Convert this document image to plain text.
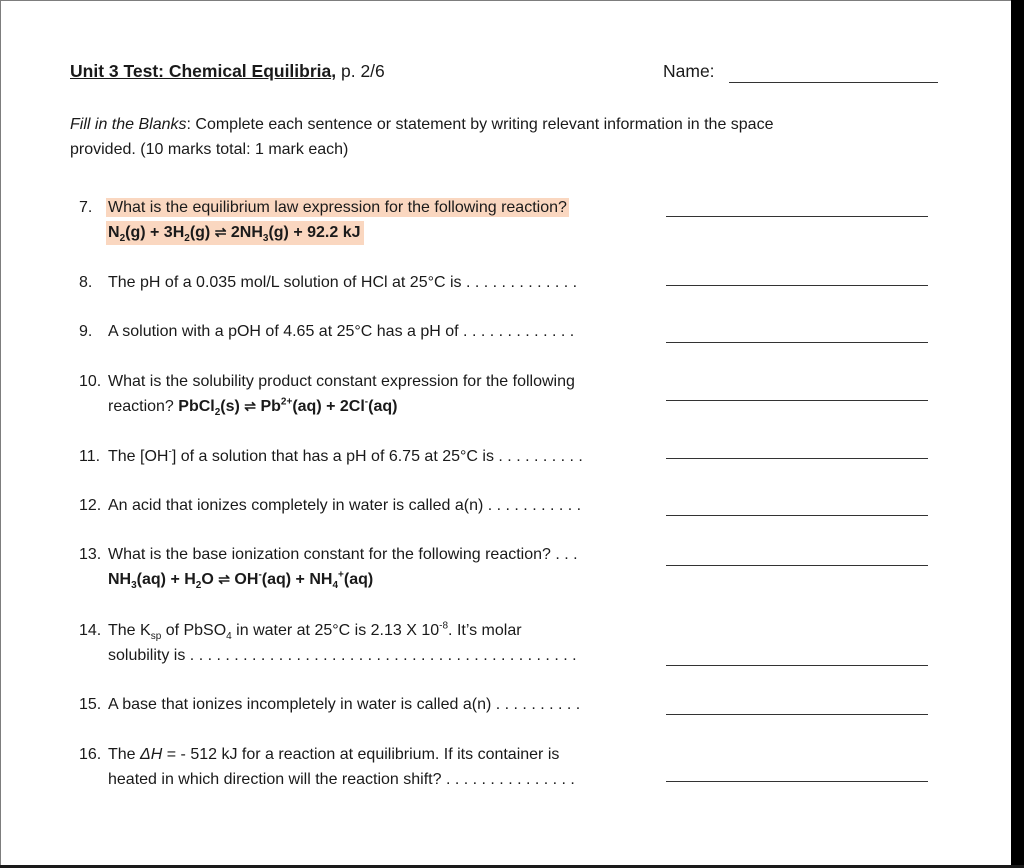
Unit 3 Test: Chemical Equilibria, p. 2/6	Name:
Fill in the Blanks: Complete each sentence or statement by writing relevant information in the space
provided. (10 marks total: 1 mark each)
7. What is the equilibrium law expression for the following reaction?
$N_2(g) + 3H_2(g)$ ⇌ $2NH_3(g) + 92.2$ kJ
8. The pH of a 0.035 mol/L solution of HCl at 25°C is . . . . . . . . . . . . .
9. A solution with a pOH of 4.65 at 25°C has a pH of . . . . . . . . . . . . .
10. What is the solubility product constant expression for the following
reaction? PbCl$_2$(s) ⇌ $Pb^{2+}(aq) + 2Cl^-(aq)$
11. The [OH-] of a solution that has a pH of 6.75 at 25°C is . . . . . . . . . .
12. An acid that ionizes completely in water is called a(n) . . . . . . . . . . .
13. What is the base ionization constant for the following reaction? . . .
$NH_3(aq) + H_2O$ ⇌ $OH^-(aq) + NH_4^+(aq)$
14. The $K_{sp}$ of PbSO$_4$ in water at 25°C is 2.13 X $10^{-8}$. It’s molar
solubility is . . . . . . . . . . . . . . . . . . . . . . . . . . . . . . . . . . . . . . . . . . . .
15. A base that ionizes incompletely in water is called a(n) . . . . . . . . . .
16. The ΔH = - 512 kJ for a reaction at equilibrium. If its container is
heated in which direction will the reaction shift? . . . . . . . . . . . . . . .
